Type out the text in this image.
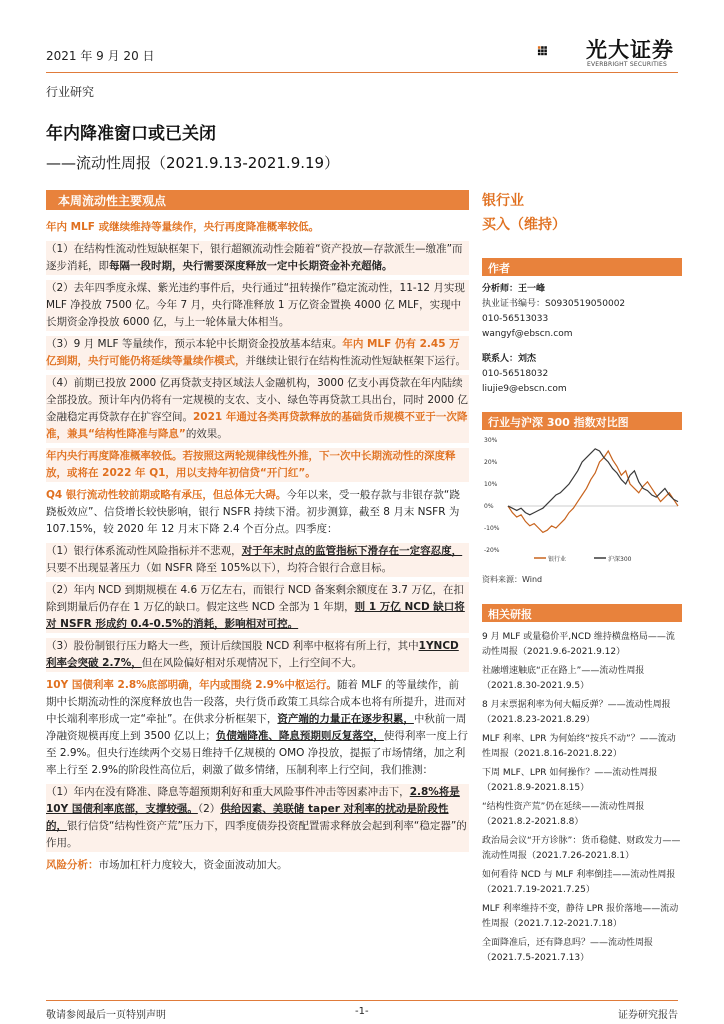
2021 年 9 月 20 日	光大证券
EVERBRIGHT SECURITIES
行业研究
年内降准窗口或已关闭
——流动性周报（2021.9.13-2021.9.19）
本周流动性主要观点

年内 MLF 或继续维持等量续作，央行再度降准概率较低。

（1）在结构性流动性短缺框架下，银行超额流动性会随着“资产投放—存款派生—缴准”而逐步消耗，即每隔一段时期，央行需要深度释放一定中长期资金补充超储。

（2）去年四季度永煤、紫光违约事件后，央行通过“扭转操作”稳定流动性，11-12 月实现 MLF 净投放 7500 亿。今年 7 月，央行降准释放 1 万亿资金置换 4000 亿 MLF，实现中长期资金净投放 6000 亿，与上一轮体量大体相当。

（3）9 月 MLF 等量续作，预示本轮中长期资金投放基本结束。年内 MLF 仍有 2.45 万亿到期，央行可能仍将延续等量续作模式，并继续让银行在结构性流动性短缺框架下运行。

（4）前期已投放 2000 亿再贷款支持区域法人金融机构，3000 亿支小再贷款在年内陆续全部投放。预计年内仍将有一定规模的支农、支小、绿色等再贷款工具出台，同时 2000 亿金融稳定再贷款存在扩容空间。2021 年通过各类再贷款释放的基础货币规模不亚于一次降准，兼具“结构性降准与降息”的效果。

年内央行再度降准概率较低。若按照这两轮规律线性外推，下一次中长期流动性的深度释放，或将在 2022 年 Q1，用以支持年初信贷“开门红”。

Q4 银行流动性较前期或略有承压，但总体无大碍。今年以来，受一般存款与非银存款“跷跷板效应”、信贷增长较快影响，银行 NSFR 持续下滑。初步测算，截至 8 月末 NSFR 为 107.15%，较 2020 年 12 月末下降 2.4 个百分点。四季度：

（1）银行体系流动性风险指标并不悲观，对于年末时点的监管指标下滑存在一定容忍度，只要不出现显著压力（如 NSFR 降至 105%以下），均符合银行合意目标。

（2）年内 NCD 到期规模在 4.6 万亿左右，而银行 NCD 备案剩余额度在 3.7 万亿，在扣除到期量后仍存在 1 万亿的缺口。假定这些 NCD 全部为 1 年期，则 1 万亿 NCD 缺口将对 NSFR 形成约 0.4-0.5%的消耗，影响相对可控。

（3）股份制银行压力略大一些，预计后续国股 NCD 利率中枢将有所上行，其中1YNCD 利率会突破 2.7%，但在风险偏好相对乐观情况下，上行空间不大。

10Y 国债利率 2.8%底部明确，年内或围绕 2.9%中枢运行。随着 MLF 的等量续作，前期中长期流动性的深度释放也告一段落，央行货币政策工具综合成本也将有所提升，进而对中长端利率形成一定“牵扯”。在供求分析框架下，资产端的力量正在逐步积累，中秋前一周净融资规模再度上到 3500 亿以上；负债端降准、降息预期则反复落空，使得利率一度上行至 2.9%。但央行连续两个交易日维持千亿规模的 OMO 净投放，提振了市场情绪，加之利率上行至 2.9%的阶段性高位后，刺激了做多情绪，压制利率上行空间，我们推测：

（1）年内在没有降准、降息等超预期利好和重大风险事件冲击等因素冲击下，2.8%将是 10Y 国债利率底部，支撑较强。（2）供给因素、美联储 taper 对利率的扰动是阶段性的，银行信贷“结构性资产荒”压力下，四季度债券投资配置需求释放会起到利率“稳定器”的作用。

风险分析：市场加杠杆力度较大，资金面波动加大。

银行业
买入（维持）
作者
分析师：王一峰
执业证书编号：S0930519050002
010-56513033
wangyf@ebscn.com
联系人：刘杰
010-56518032
liujie9@ebscn.com
行业与沪深 300 指数对比图
30%
20%
10%
0%
-10%
-20%
银行业	沪深300
资料来源：Wind
相关研报
9 月 MLF 或量稳价平,NCD 维持横盘格局——流动性周报（2021.9.6-2021.9.12）
社融增速触底“正在路上”——流动性周报（2021.8.30-2021.9.5）
8 月末票据利率为何大幅反弹？——流动性周报（2021.8.23-2021.8.29）
MLF 利率、LPR 为何始终“按兵不动”？——流动性周报（2021.8.16-2021.8.22）
下周 MLF、LPR 如何操作？——流动性周报（2021.8.9-2021.8.15）
“结构性资产荒”仍在延续——流动性周报（2021.8.2-2021.8.8）
政治局会议“开方诊脉”：货币稳健、财政发力——流动性周报（2021.7.26-2021.8.1）
如何看待 NCD 与 MLF 利率倒挂——流动性周报（2021.7.19-2021.7.25）
MLF 利率维持不变，静待 LPR 报价落地——流动性周报（2021.7.12-2021.7.18）
全面降准后，还有降息吗？——流动性周报（2021.7.5-2021.7.13）
敬请参阅最后一页特别声明	-1-	证券研究报告
